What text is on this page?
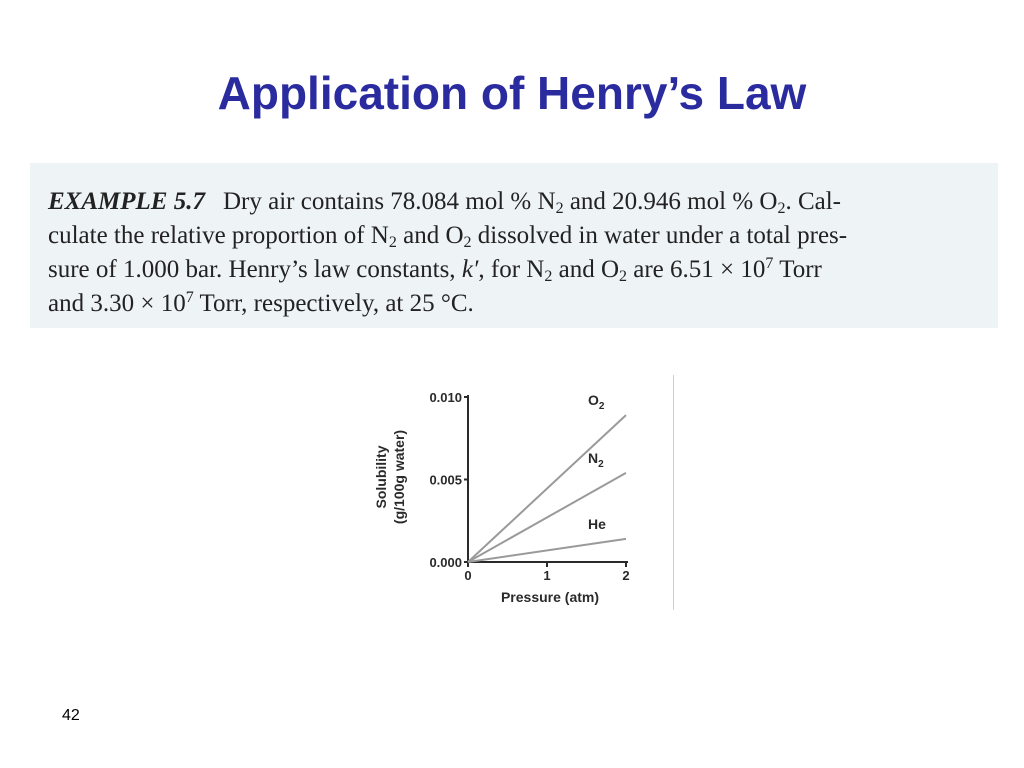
Application of Henry’s Law

EXAMPLE 5.7 Dry air contains 78.084 mol % $N_2$ and 20.946 mol % $O_2$. Cal-
culate the relative proportion of $N_2$ and $O_2$ dissolved in water under a total pres-
sure of 1.000 bar. Henry’s law constants, k′, for $N_2$ and $O_2$ are $6.51 \times 10^7$ Torr
and $3.30 \times 10^7$ Torr, respectively, at 25 °C.

Solubility (g/100g water)
Pressure (atm)
0.000
0.005
0.010
0	1	2
$O_2$
$N_2$
He
42
